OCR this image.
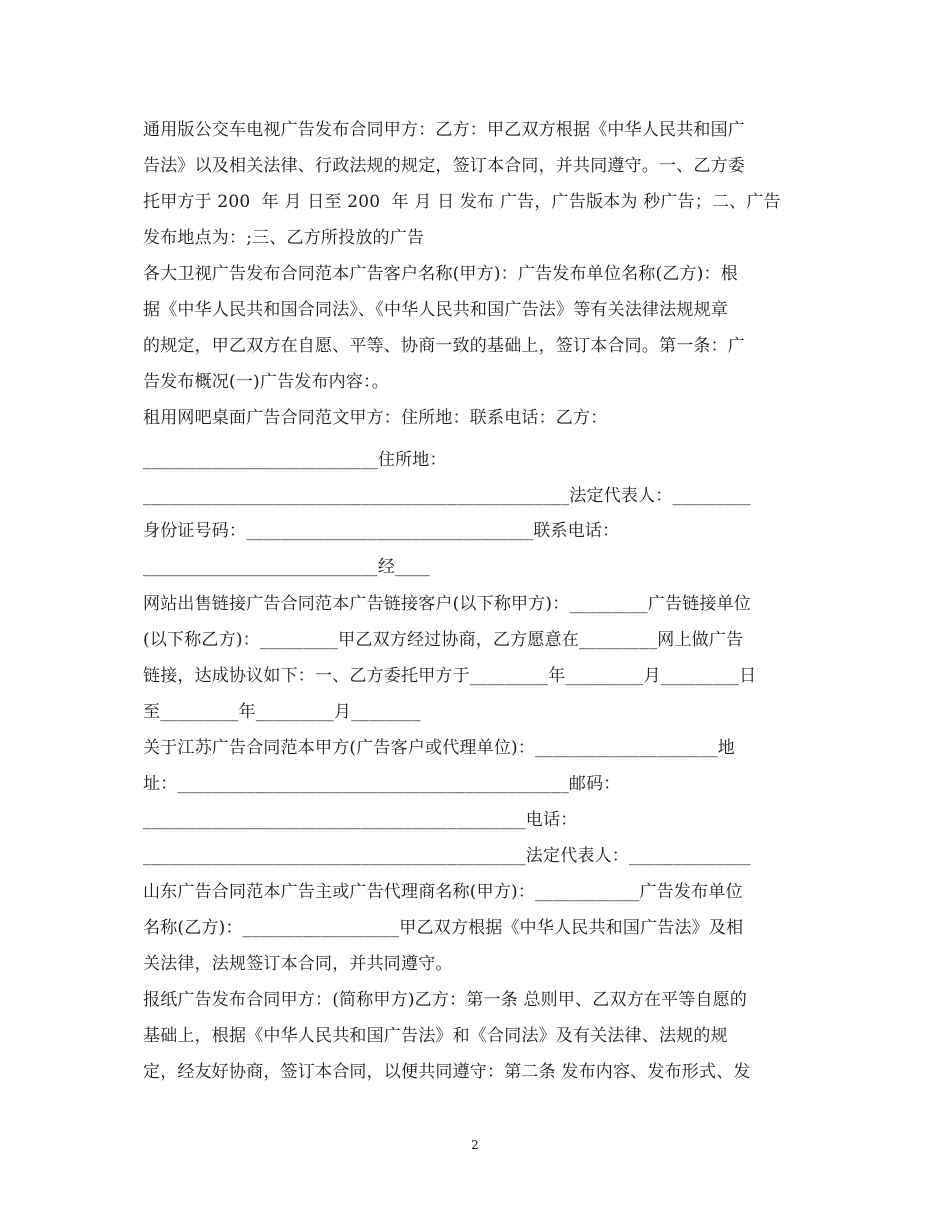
通用版公交车电视广告发布合同甲方：乙方：甲乙双方根据《中华人民共和国广
告法》以及相关法律、行政法规的规定，签订本合同，并共同遵守。一、乙方委
托甲方于 200  年 月 日至 200  年 月 日 发布 广告，广告版本为 秒广告；二、广告
发布地点为：;三、乙方所投放的广告
各大卫视广告发布合同范本广告客户名称(甲方)：广告发布单位名称(乙方)：根
据《中华人民共和国合同法》、《中华人民共和国广告法》等有关法律法规规章
的规定，甲乙双方在自愿、平等、协商一致的基础上，签订本合同。第一条：广
告发布概况(一)广告发布内容：。
租用网吧桌面广告合同范文甲方：住所地：联系电话：乙方：
___________________________住所地：
_________________________________________________法定代表人：_________
身份证号码：_________________________________联系电话：
___________________________经____
网站出售链接广告合同范本广告链接客户(以下称甲方)：_________广告链接单位
(以下称乙方)：_________甲乙双方经过协商，乙方愿意在_________网上做广告
链接，达成协议如下：一、乙方委托甲方于_________年_________月_________日
至_________年_________月________
关于江苏广告合同范本甲方(广告客户或代理单位)：_____________________地
址：_____________________________________________邮码：
____________________________________________电话：
____________________________________________法定代表人：______________
山东广告合同范本广告主或广告代理商名称(甲方)：____________广告发布单位
名称(乙方)：__________________甲乙双方根据《中华人民共和国广告法》及相
关法律，法规签订本合同，并共同遵守。
报纸广告发布合同甲方：(简称甲方)乙方：第一条 总则甲、乙双方在平等自愿的
基础上，根据《中华人民共和国广告法》和《合同法》及有关法律、法规的规
定，经友好协商，签订本合同，以便共同遵守：第二条 发布内容、发布形式、发
2
